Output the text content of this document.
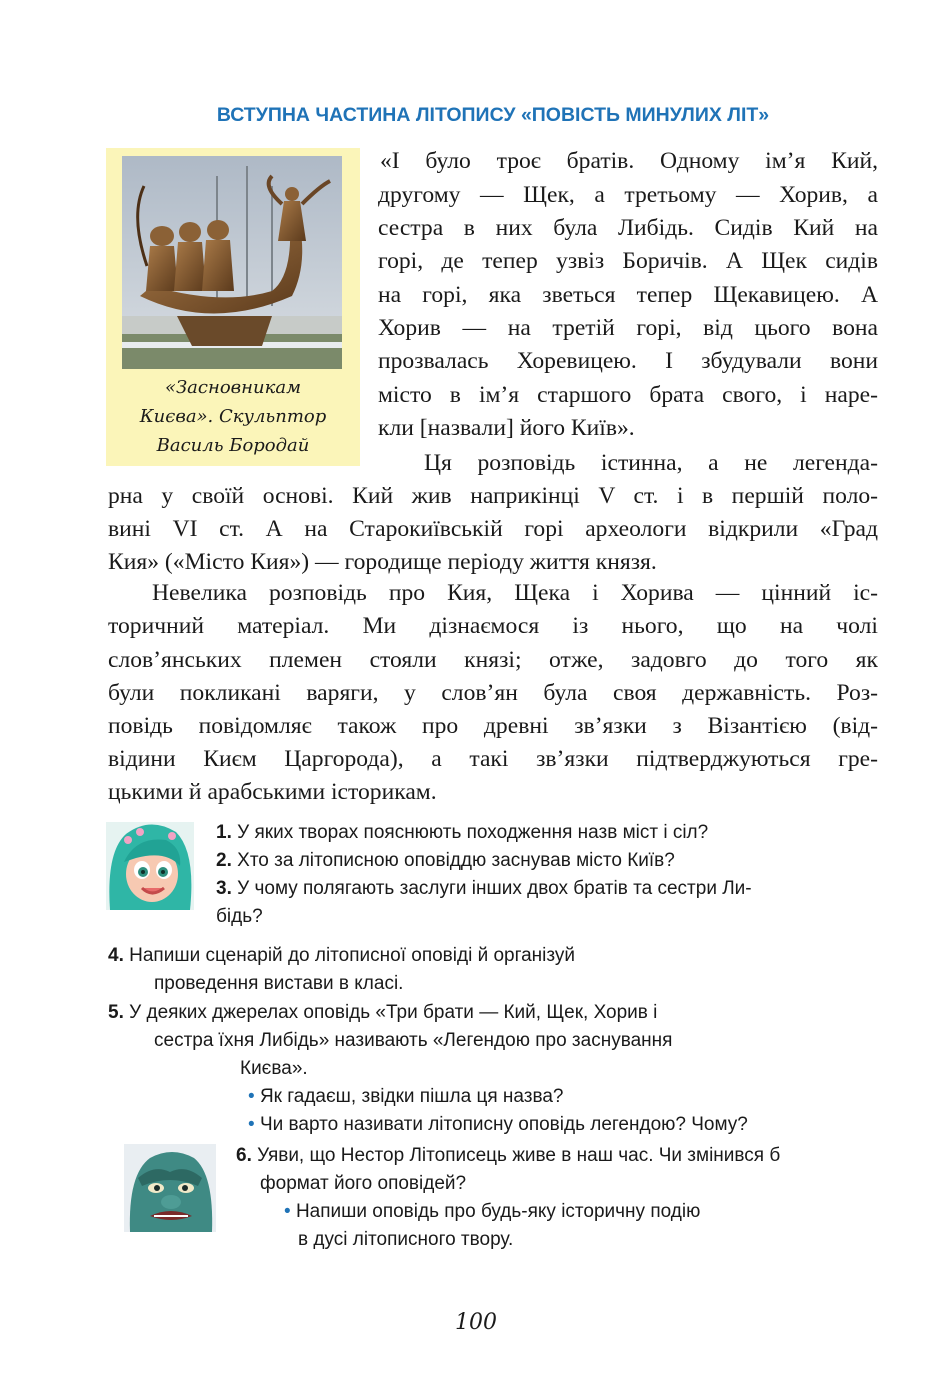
ВСТУПНА ЧАСТИНА ЛІТОПИСУ «ПОВІСТЬ МИНУЛИХ ЛІТ»
«Засновникам
Києва». Скульптор
Василь Бородай
«І було троє братів. Одному ім’я Кий,
другому — Щек, а третьому — Хорив, а
сестра в них була Либідь. Сидів Кий на
горі, де тепер узвіз Боричів. А Щек сидів
на горі, яка зветься тепер Щекавицею. А
Хорив — на третій горі, від цього вона
прозвалась Хоревицею. І збудували вони
місто в ім’я старшого брата свого, і наре-
кли [назвали] його Київ».
Ця розповідь істинна, а не легенда-
рна у своїй основі. Кий жив наприкінці V ст. і в першій поло-
вині VI ст. А на Старокиївській горі археологи відкрили «Град
Кия» («Місто Кия») — городище періоду життя князя.
Невелика розповідь про Кия, Щека і Хорива — цінний іс-
торичний матеріал. Ми дізнаємося із нього, що на чолі
слов’янських племен стояли князі; отже, задовго до того як
були покликані варяги, у слов’ян була своя державність. Роз-
повідь повідомляє також про древні зв’язки з Візантією (від-
відини Києм Царгорода), а такі зв’язки підтверджуються гре-
цькими й арабськими історикам.
1. У яких творах пояснюють походження назв міст і сіл?
2. Хто за літописною оповіддю заснував місто Київ?
3. У чому полягають заслуги інших двох братів та сестри Ли-
бідь?
4. Напиши сценарій до літописної оповіді й організуй
проведення вистави в класі.
5. У деяких джерелах оповідь «Три брати — Кий, Щек, Хорив і
сестра їхня Либідь» називають «Легендою про заснування
Києва».
• Як гадаєш, звідки пішла ця назва?
• Чи варто називати літописну оповідь легендою? Чому?
6. Уяви, що Нестор Літописець живе в наш час. Чи змінився б
формат його оповідей?
• Напиши оповідь про будь-яку історичну подію
в дусі літописного твору.
100
